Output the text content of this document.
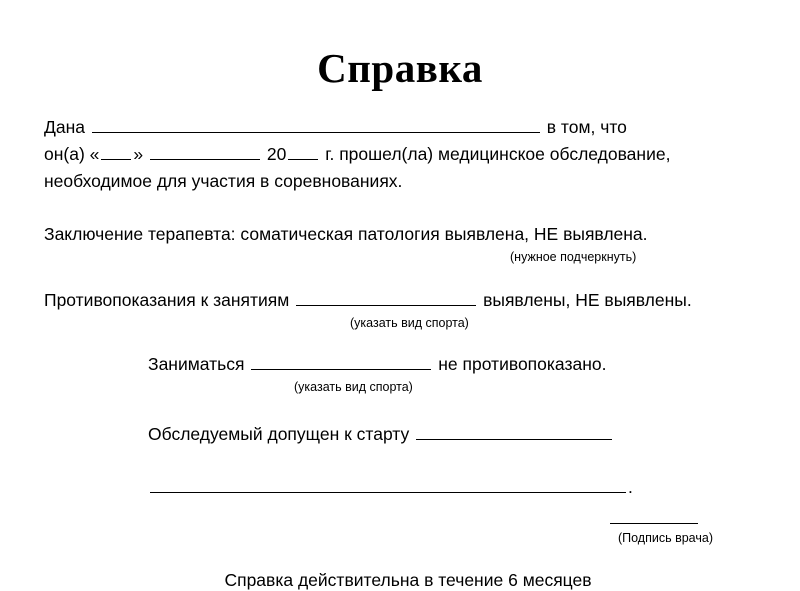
Справка
Дана	в том, что
он(а) « »	20 г. прошел(ла) медицинское обследование,
необходимое для участия в соревнованиях.
Заключение терапевта: соматическая патология выявлена, НЕ выявлена.
(нужное подчеркнуть)
Противопоказания к занятиям	выявлены, НЕ выявлены.
(указать вид спорта)
Заниматься	не противопоказано.
(указать вид спорта)
Обследуемый допущен к старту
.
(Подпись врача)
Справка действительна в течение 6 месяцев
